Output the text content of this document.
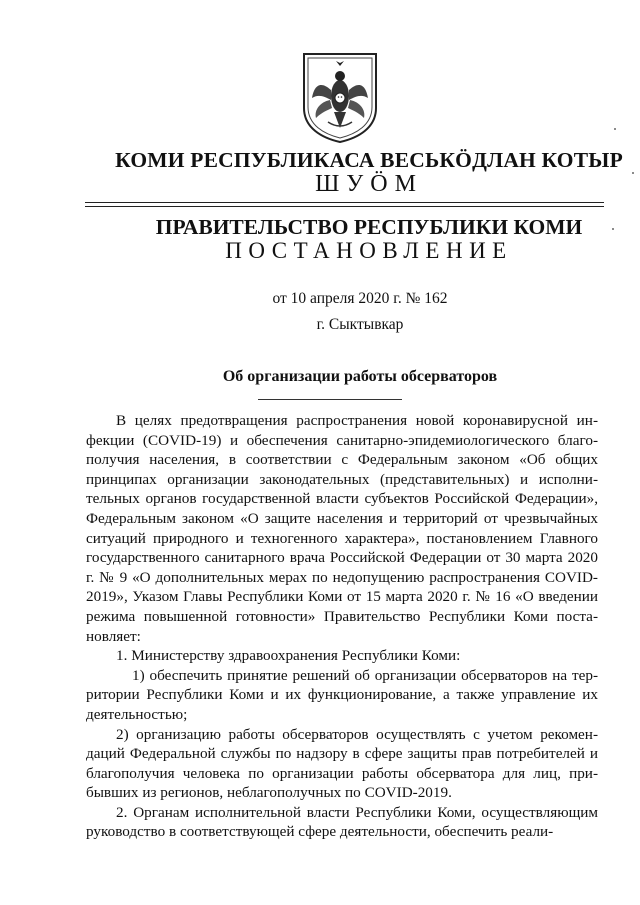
КОМИ РЕСПУБЛИКАСА ВЕСЬКӦДЛАН КОТЫР
ШУӦМ
ПРАВИТЕЛЬСТВО РЕСПУБЛИКИ КОМИ
ПОСТАНОВЛЕНИЕ
от 10 апреля 2020 г. № 162
г. Сыктывкар
Об организации работы обсерваторов

В целях предотвращения распространения новой коронавирусной инфекции (COVID-19) и обеспечения санитарно-эпидемиологического благополучия населения, в соответствии с Федеральным законом «Об общих принципах организации законодательных (представительных) и исполнительных органов государственной власти субъектов Российской Федерации», Федеральным законом «О защите населения и территорий от чрезвычайных ситуаций природного и техногенного характера», постановлением Главного государственного санитарного врача Российской Федерации от 30 марта 2020 г. № 9 «О дополнительных мерах по недопущению распространения COVID-2019», Указом Главы Республики Коми от 15 марта 2020 г. № 16 «О введении режима повышенной готовности» Правительство Республики Коми постановляет:

1. Министерству здравоохранения Республики Коми:

1) обеспечить принятие решений об организации обсерваторов на территории Республики Коми и их функционирование, а также управление их деятельностью;

2) организацию работы обсерваторов осуществлять с учетом рекомендаций Федеральной службы по надзору в сфере защиты прав потребителей и благополучия человека по организации работы обсерватора для лиц, прибывших из регионов, неблагополучных по COVID-2019.

2. Органам исполнительной власти Республики Коми, осуществляющим руководство в соответствующей сфере деятельности, обеспечить реали-
